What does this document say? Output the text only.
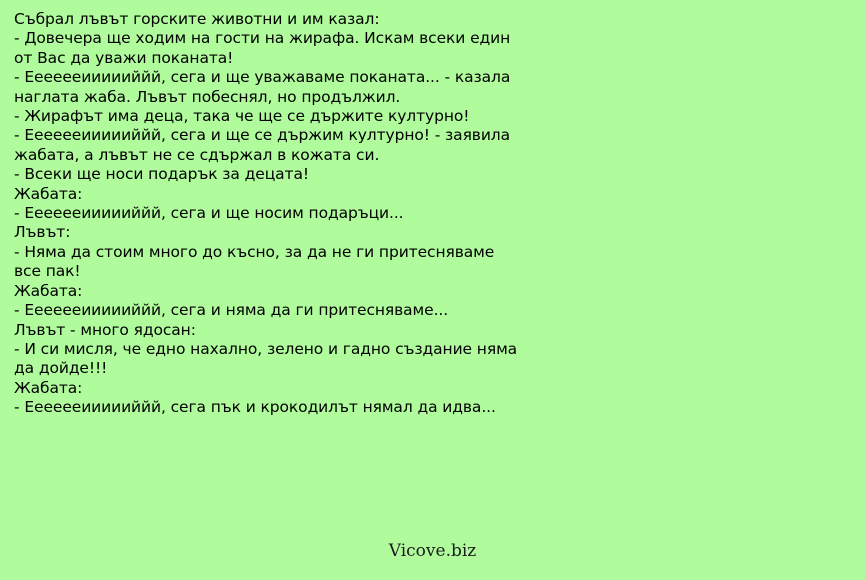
Събрал лъвът горските животни и им казал:
- Довечера ще ходим на гости на жирафа. Искам всеки един
от Вас да уважи поканата!
- Ееееееиииииййй, сега и ще уважаваме поканата... - казала
наглата жаба. Лъвът побеснял, но продължил.
- Жирафът има деца, така че ще се държите културно!
- Ееееееиииииййй, сега и ще се държим културно! - заявила
жабата, а лъвът не се сдържал в кожата си.
- Всеки ще носи подарък за децата!
Жабата:
- Ееееееиииииййй, сега и ще носим подаръци...
Лъвът:
- Няма да стоим много до късно, за да не ги притесняваме
все пак!
Жабата:
- Ееееееиииииййй, сега и няма да ги притесняваме...
Лъвът - много ядосан:
- И си мисля, че едно нахално, зелено и гадно създание няма
да дойде!!!
Жабата:
- Ееееееиииииййй, сега пък и крокодилът нямал да идва...
Vicove.biz
